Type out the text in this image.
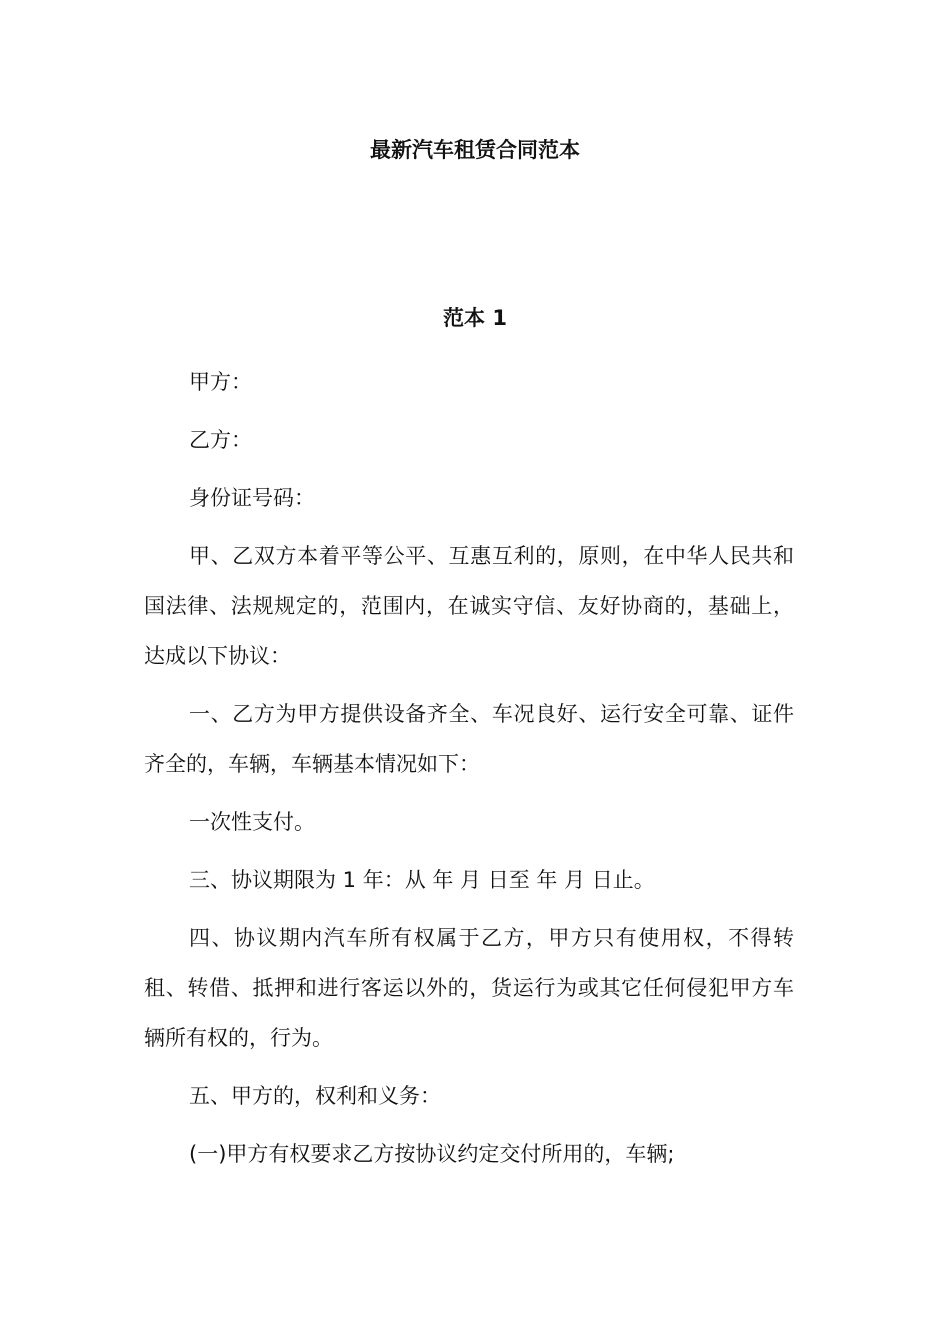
最新汽车租赁合同范本
范本 1

甲方：

乙方：

身份证号码：

甲、乙双方本着平等公平、互惠互利的，原则，在中华人民共和国法律、法规规定的，范围内，在诚实守信、友好协商的，基础上，达成以下协议：

一、乙方为甲方提供设备齐全、车况良好、运行安全可靠、证件齐全的，车辆，车辆基本情况如下：

一次性支付。

三、协议期限为 1 年：从 年 月 日至 年 月 日止。

四、协议期内汽车所有权属于乙方，甲方只有使用权，不得转租、转借、抵押和进行客运以外的，货运行为或其它任何侵犯甲方车辆所有权的，行为。

五、甲方的，权利和义务：

(一)甲方有权要求乙方按协议约定交付所用的，车辆;
